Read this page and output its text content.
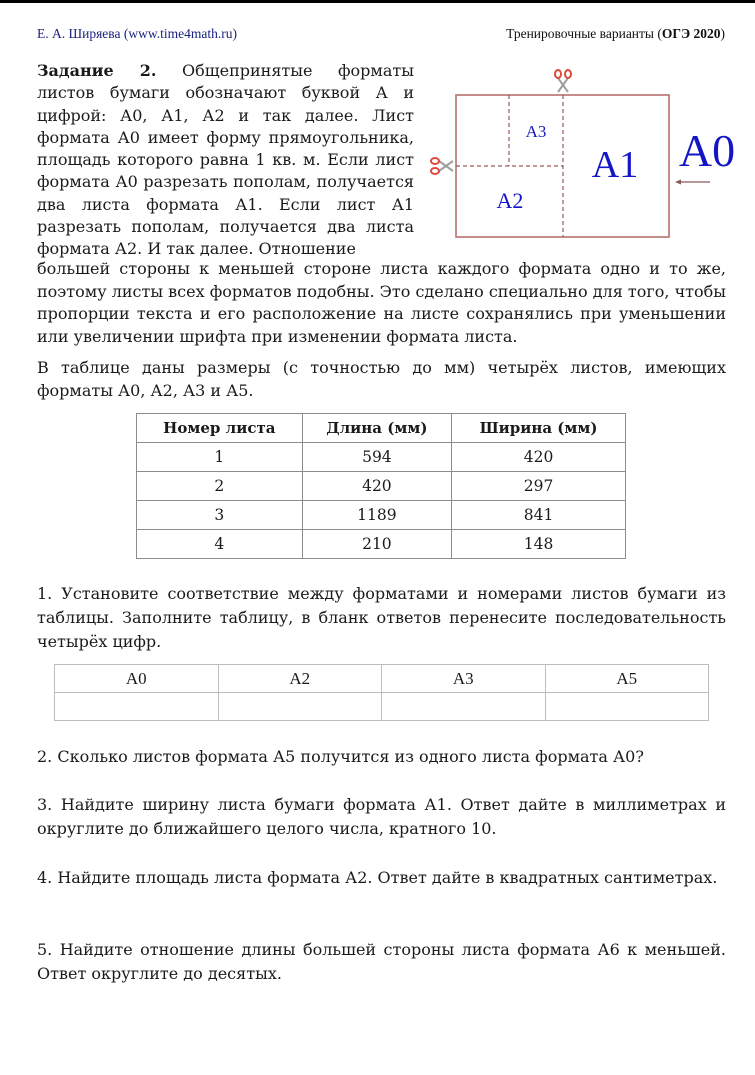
Е. А. Ширяева (www.time4math.ru)	Тренировочные варианты (ОГЭ 2020)
Задание 2. Общепринятые форматы листов бумаги обозначают буквой А и цифрой: А0, А1, А2 и так далее. Лист формата А0 имеет форму прямоугольника, площадь которого равна 1 кв. м. Если лист формата А0 разрезать пополам, получается два листа формата А1. Если лист А1 разрезать пополам, получается два листа формата А2. И так далее. Отношение
A3
A2
A1 A0
большей стороны к меньшей стороне листа каждого формата одно и то же, поэтому листы всех форматов подобны. Это сделано специально для того, чтобы пропорции текста и его расположение на листе сохранялись при уменьшении или увеличении шрифта при изменении формата листа.
В таблице даны размеры (с точностью до мм) четырёх листов, имеющих форматы А0, А2, А3 и А5.
Номер листа	Длина (мм)	Ширина (мм)
1	594	420
2	420	297
3	1189	841
4	210	148
1. Установите соответствие между форматами и номерами листов бумаги из таблицы. Заполните таблицу, в бланк ответов перенесите последовательность четырёх цифр.
А0	А2	А3	А5

2. Сколько листов формата А5 получится из одного листа формата А0?
3. Найдите ширину листа бумаги формата А1. Ответ дайте в миллиметрах и округлите до ближайшего целого числа, кратного 10.
4. Найдите площадь листа формата А2. Ответ дайте в квадратных сантиметрах.
5. Найдите отношение длины большей стороны листа формата А6 к меньшей. Ответ округлите до десятых.
